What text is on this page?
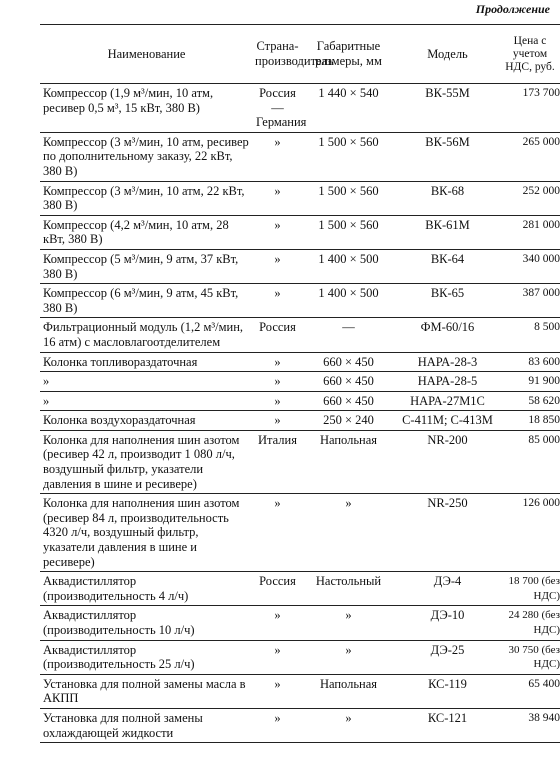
Продолжение
Наименование	Страна-производитель	Габаритные размеры, мм	Модель	Цена с учетом НДС, руб.
Компрессор (1,9 м³/мин, 10 атм, ресивер 0,5 м³, 15 кВт, 380 В)	Россия—Германия	1 440 × 540	ВК-55М	173 700
Компрессор (3 м³/мин, 10 атм, ресивер по дополнительному заказу, 22 кВт, 380 В)	»	1 500 × 560	ВК-56М	265 000
Компрессор (3 м³/мин, 10 атм, 22 кВт, 380 В)	»	1 500 × 560	ВК-68	252 000
Компрессор (4,2 м³/мин, 10 атм, 28 кВт, 380 В)	»	1 500 × 560	ВК-61М	281 000
Компрессор (5 м³/мин, 9 атм, 37 кВт, 380 В)	»	1 400 × 500	ВК-64	340 000
Компрессор (6 м³/мин, 9 атм, 45 кВт, 380 В)	»	1 400 × 500	ВК-65	387 000
Фильтрационный модуль (1,2 м³/мин, 16 атм) с масловлагоотделителем	Россия	—	ФМ-60/16	8 500
Колонка топливораздаточная	»	660 × 450	НАРА-28-3	83 600
»	»	660 × 450	НАРА-28-5	91 900
»	»	660 × 450	НАРА-27М1С	58 620
Колонка воздухораздаточная	»	250 × 240	С-411М; С-413М	18 850
Колонка для наполнения шин азотом (ресивер 42 л, производит 1 080 л/ч, воздушный фильтр, указатели давления в шине и ресивере)	Италия	Напольная	NR-200	85 000
Колонка для наполнения шин азотом (ресивер 84 л, производительность 4320 л/ч, воздушный фильтр, указатели давления в шине и ресивере)	»	»	NR-250	126 000
Аквадистиллятор (производительность 4 л/ч)	Россия	Настольный	ДЭ-4	18 700 (без НДС)
Аквадистиллятор (производительность 10 л/ч)	»	»	ДЭ-10	24 280 (без НДС)
Аквадистиллятор (производительность 25 л/ч)	»	»	ДЭ-25	30 750 (без НДС)
Установка для полной замены масла в АКПП	»	Напольная	КС-119	65 400
Установка для полной замены охлаждающей жидкости	»	»	КС-121	38 940
